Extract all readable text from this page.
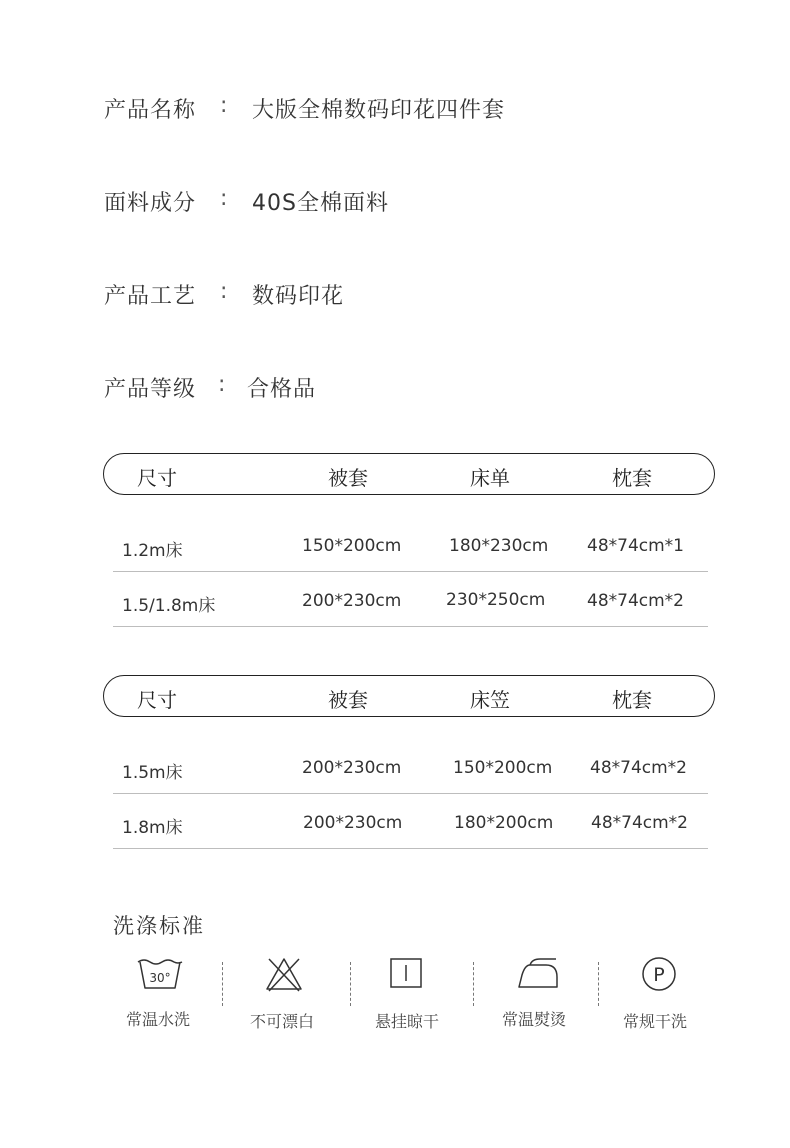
产品名称 : 大版全棉数码印花四件套
面料成分 : 40S全棉面料
产品工艺 : 数码印花
产品等级 : 合格品
尺寸	被套	床单	枕套
1.2m床	150*200cm	180*230cm 48*74cm*1
1.5/1.8m床	200*230cm	230*250cm 48*74cm*2
尺寸	被套	床笠	枕套
1.5m床	200*230cm	150*200cm 48*74cm*2
1.8m床	200*230cm	180*200cm 48*74cm*2
洗涤标准
30°
常温水洗	不可漂白	悬挂晾干	常温熨烫
P
常规干洗
